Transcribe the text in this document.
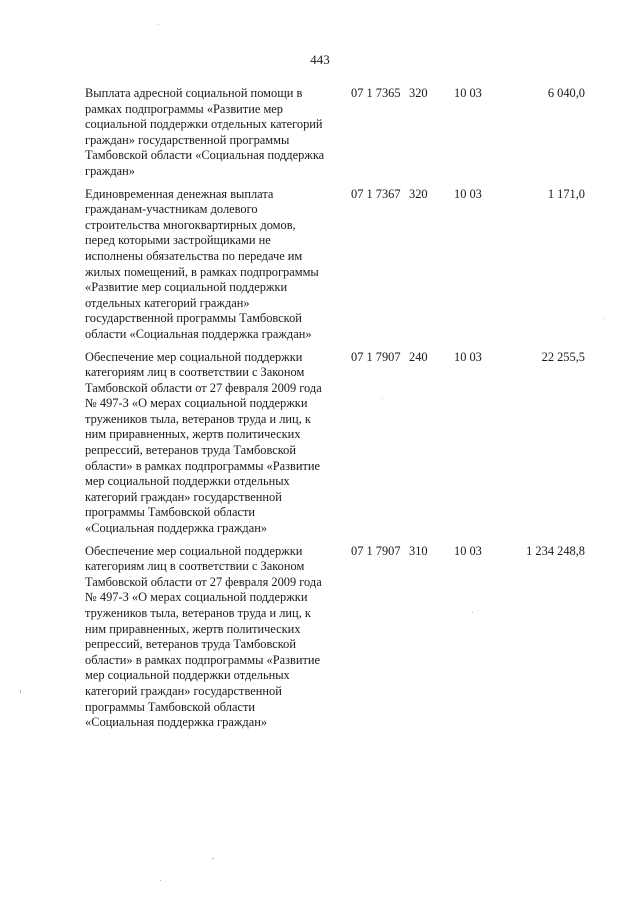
443
Выплата адресной социальной помощи в
рамках подпрограммы «Развитие мер
социальной поддержки отдельных категорий
граждан» государственной программы
Тамбовской области «Социальная поддержка
граждан»
07 1 7365 320	10 03	6 040,0
Единовременная денежная выплата
гражданам-участникам долевого
строительства многоквартирных домов,
перед которыми застройщиками не
исполнены обязательства по передаче им
жилых помещений, в рамках подпрограммы
«Развитие мер социальной поддержки
отдельных категорий граждан»
государственной программы Тамбовской
области «Социальная поддержка граждан»
07 1 7367 320	10 03	1 171,0
Обеспечение мер социальной поддержки
категориям лиц в соответствии с Законом
Тамбовской области от 27 февраля 2009 года
№ 497-З «О мерах социальной поддержки
тружеников тыла, ветеранов труда и лиц, к
ним приравненных, жертв политических
репрессий, ветеранов труда Тамбовской
области» в рамках подпрограммы «Развитие
мер социальной поддержки отдельных
категорий граждан» государственной
программы Тамбовской области
«Социальная поддержка граждан»
07 1 7907 240	10 03	22 255,5
Обеспечение мер социальной поддержки
категориям лиц в соответствии с Законом
Тамбовской области от 27 февраля 2009 года
№ 497-З «О мерах социальной поддержки
тружеников тыла, ветеранов труда и лиц, к
ним приравненных, жертв политических
репрессий, ветеранов труда Тамбовской
области» в рамках подпрограммы «Развитие
мер социальной поддержки отдельных
категорий граждан» государственной
программы Тамбовской области
«Социальная поддержка граждан»
07 1 7907 310	10 03	1 234 248,8
